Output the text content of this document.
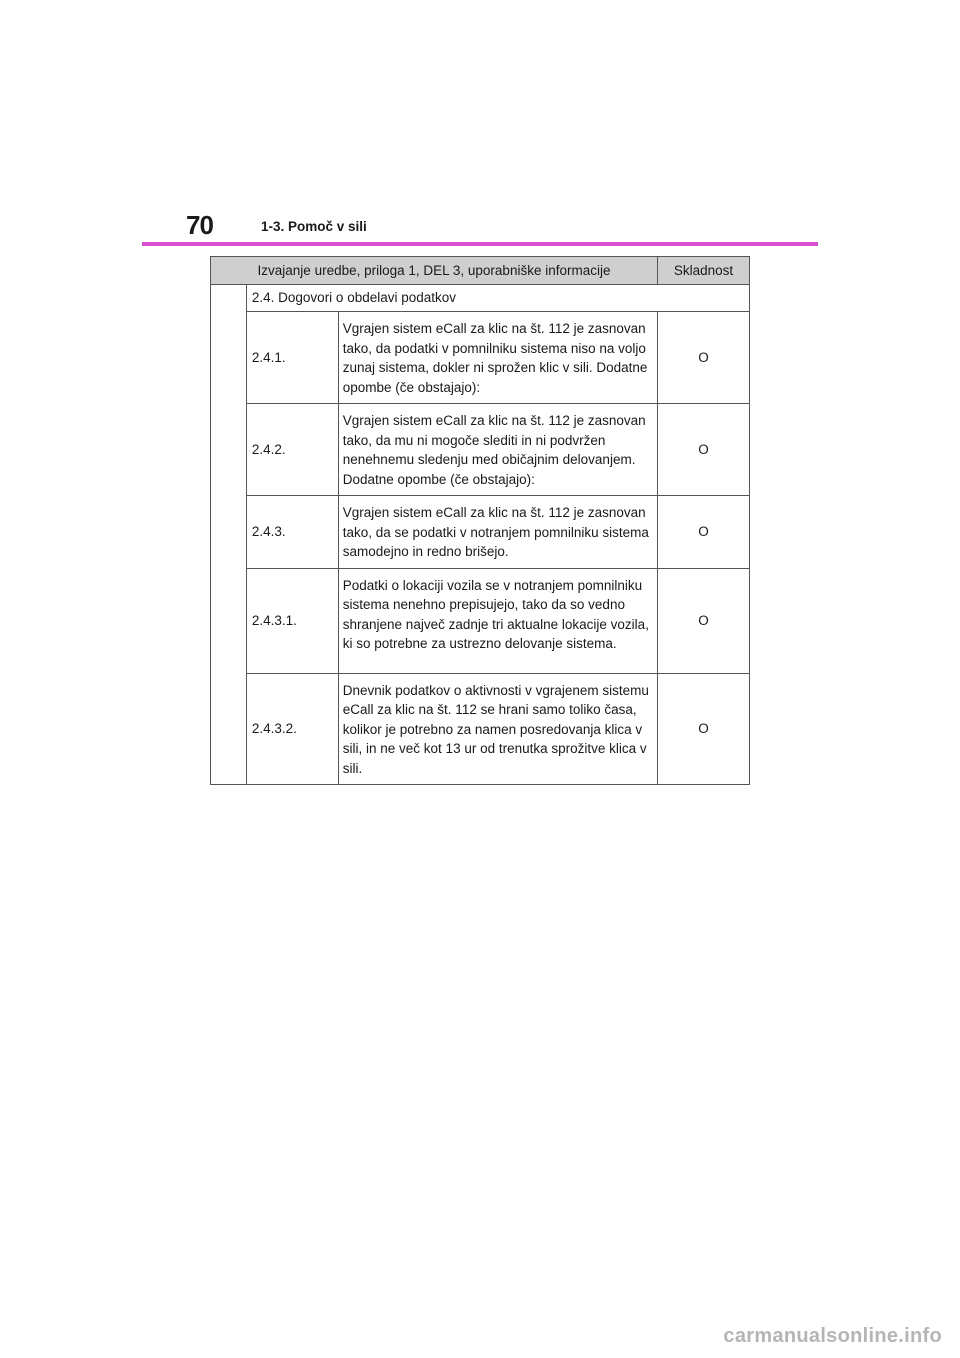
70	1-3. Pomoč v sili
Izvajanje uredbe, priloga 1, DEL 3, uporabniške informacije			Skladnost
	2.4. Dogovori o obdelavi podatkov		
	2.4.1.	Vgrajen sistem eCall za klic na št. 112 je zasnovan tako, da podatki v pomnilniku sistema niso na voljo zunaj sistema, dokler ni sprožen klic v sili. Dodatne opombe (če obstajajo):	O
	2.4.2.	Vgrajen sistem eCall za klic na št. 112 je zasnovan tako, da mu ni mogoče slediti in ni podvržen nenehnemu sledenju med običajnim delovanjem. Dodatne opombe (če obstajajo):	O
	2.4.3.	Vgrajen sistem eCall za klic na št. 112 je zasnovan tako, da se podatki v notranjem pomnilniku sistema samodejno in redno brišejo.	O
	2.4.3.1.	Podatki o lokaciji vozila se v notranjem pomnilniku sistema nenehno prepisujejo, tako da so vedno shranjene največ zadnje tri aktualne lokacije vozila, ki so potrebne za ustrezno delovanje sistema.	O
	2.4.3.2.	Dnevnik podatkov o aktivnosti v vgrajenem sistemu eCall za klic na št. 112 se hrani samo toliko časa, kolikor je potrebno za namen posredovanja klica v sili, in ne več kot 13 ur od trenutka sprožitve klica v sili.	O
carmanualsonline.info
